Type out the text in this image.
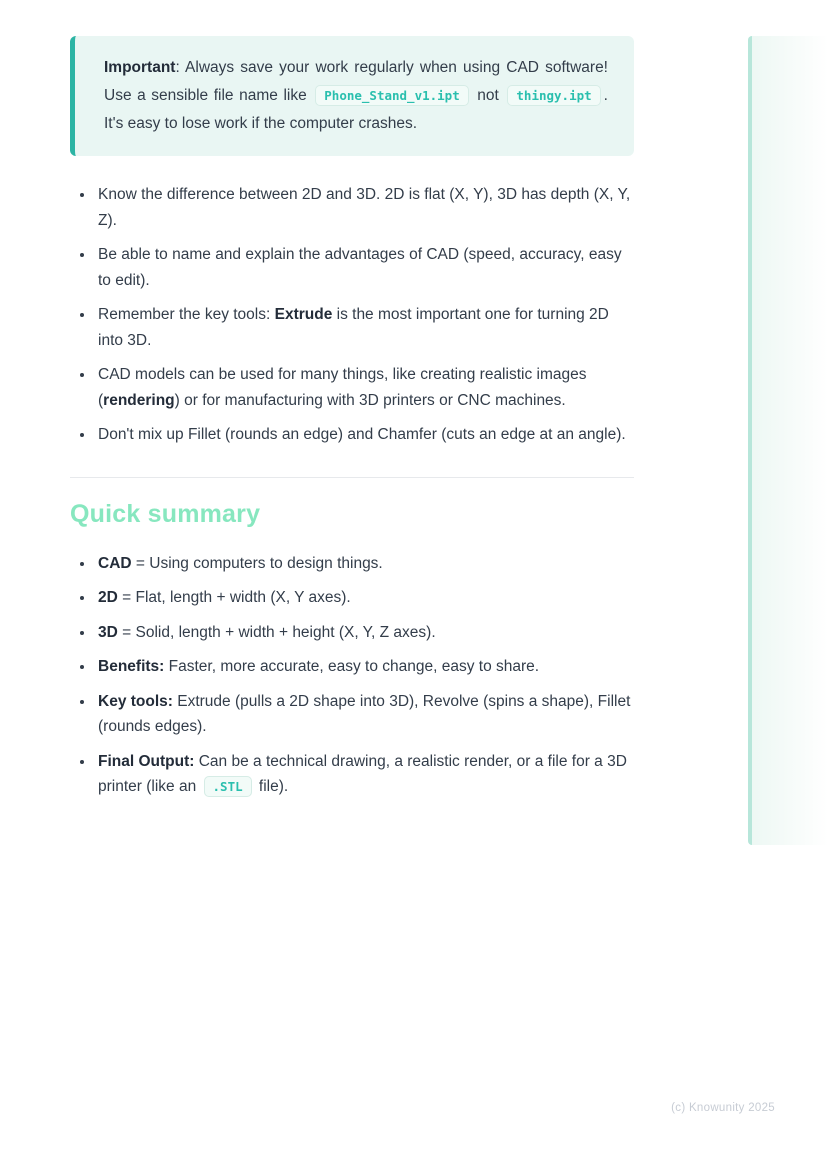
Important: Always save your work regularly when using CAD software! Use a sensible file name like Phone_Stand_v1.ipt not thingy.ipt . It's easy to lose work if the computer crashes.

• Know the difference between 2D and 3D. 2D is flat (X, Y), 3D has depth (X, Y, Z).
• Be able to name and explain the advantages of CAD (speed, accuracy, easy to edit).
• Remember the key tools: Extrude is the most important one for turning 2D into 3D.
• CAD models can be used for many things, like creating realistic images (rendering) or for manufacturing with 3D printers or CNC machines.
• Don't mix up Fillet (rounds an edge) and Chamfer (cuts an edge at an angle).
Quick summary
• CAD = Using computers to design things.
• 2D = Flat, length + width (X, Y axes).
• 3D = Solid, length + width + height (X, Y, Z axes).
• Benefits: Faster, more accurate, easy to change, easy to share.
• Key tools: Extrude (pulls a 2D shape into 3D), Revolve (spins a shape), Fillet (rounds edges).
• Final Output: Can be a technical drawing, a realistic render, or a file for a 3D printer (like an .STL file).
(c) Knowunity 2025
